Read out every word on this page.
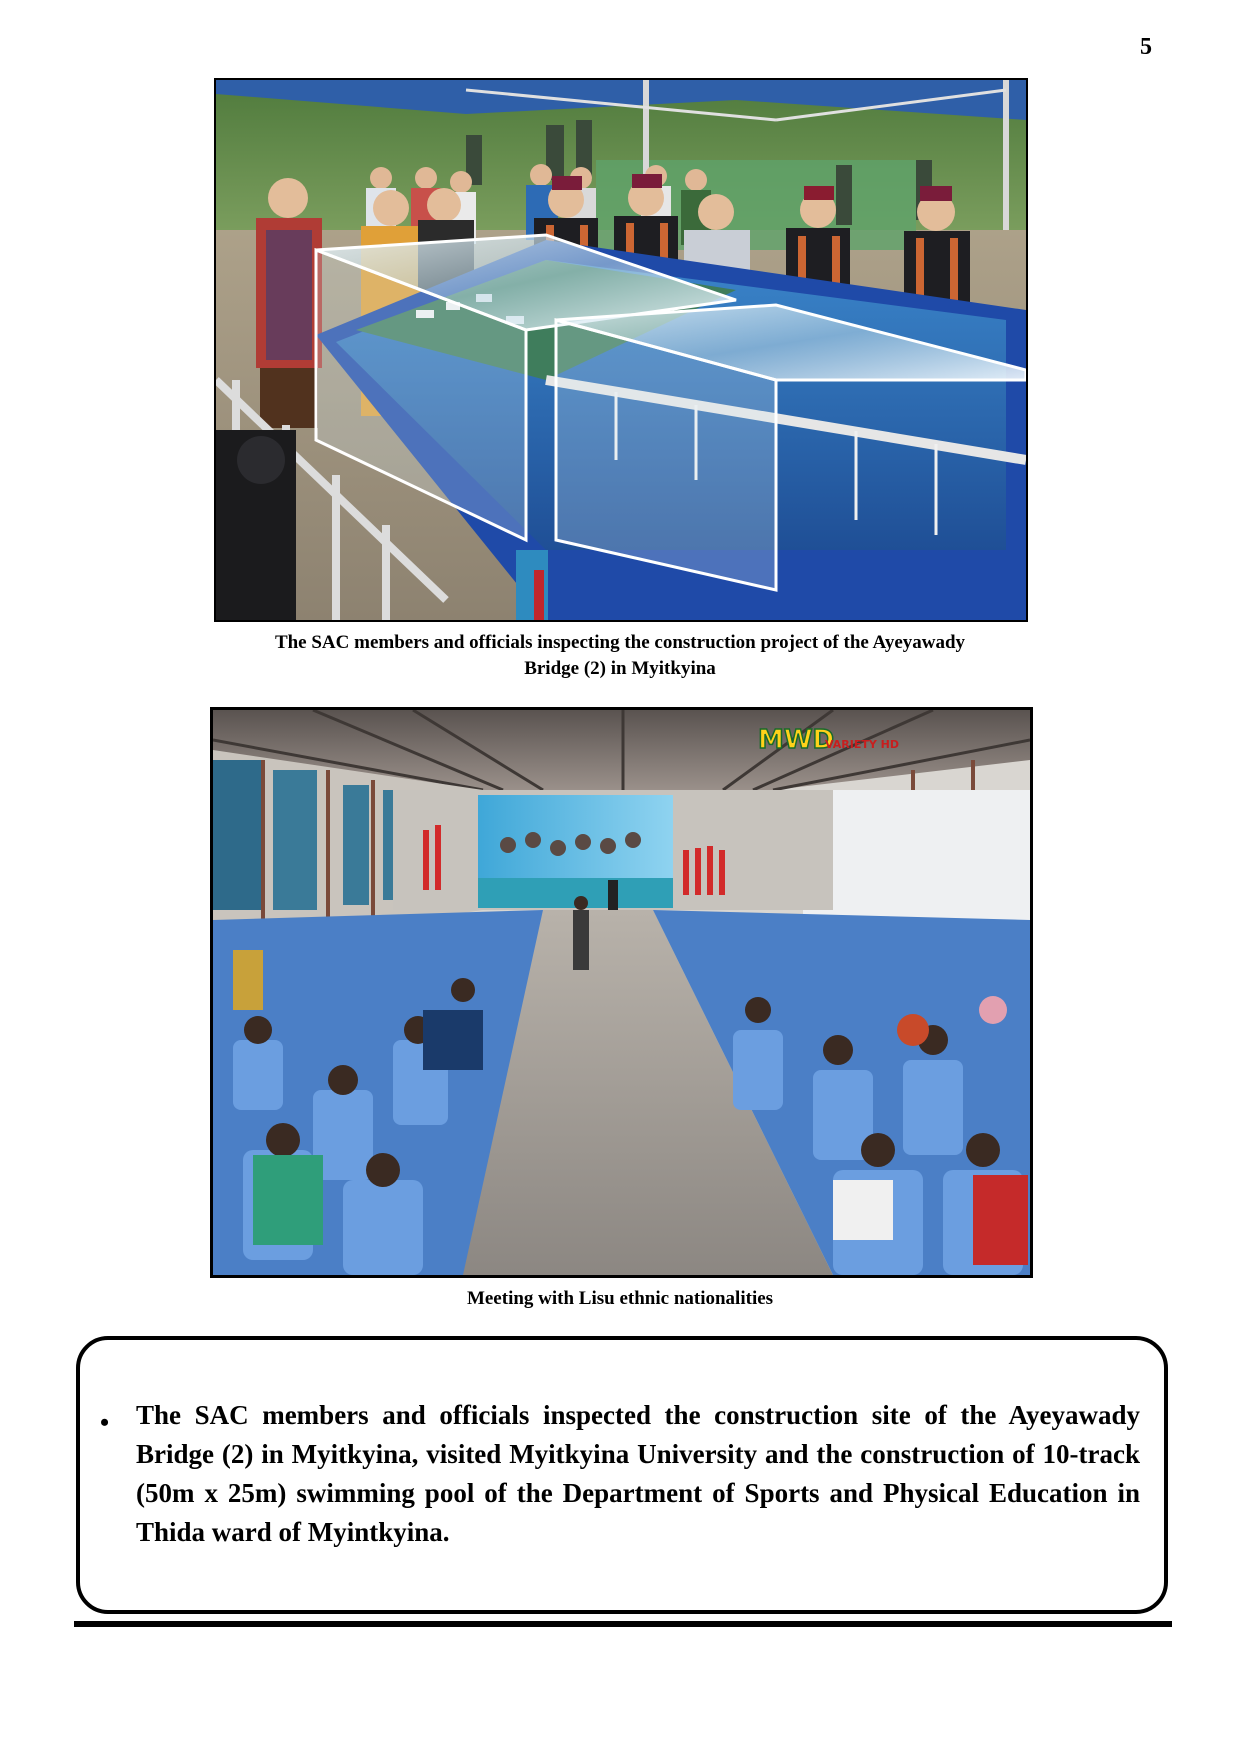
5
The SAC members and officials inspecting the construction project of the Ayeyawady
Bridge (2) in Myitkyina
MWD
VARIETY HD
Meeting with Lisu ethnic nationalities
• The SAC members and officials inspected the construction site of the Ayeyawady Bridge (2) in Myitkyina, visited Myitkyina University and the construction of 10-track (50m x 25m) swimming pool of the Department of Sports and Physical Education in Thida ward of Myintkyina.
